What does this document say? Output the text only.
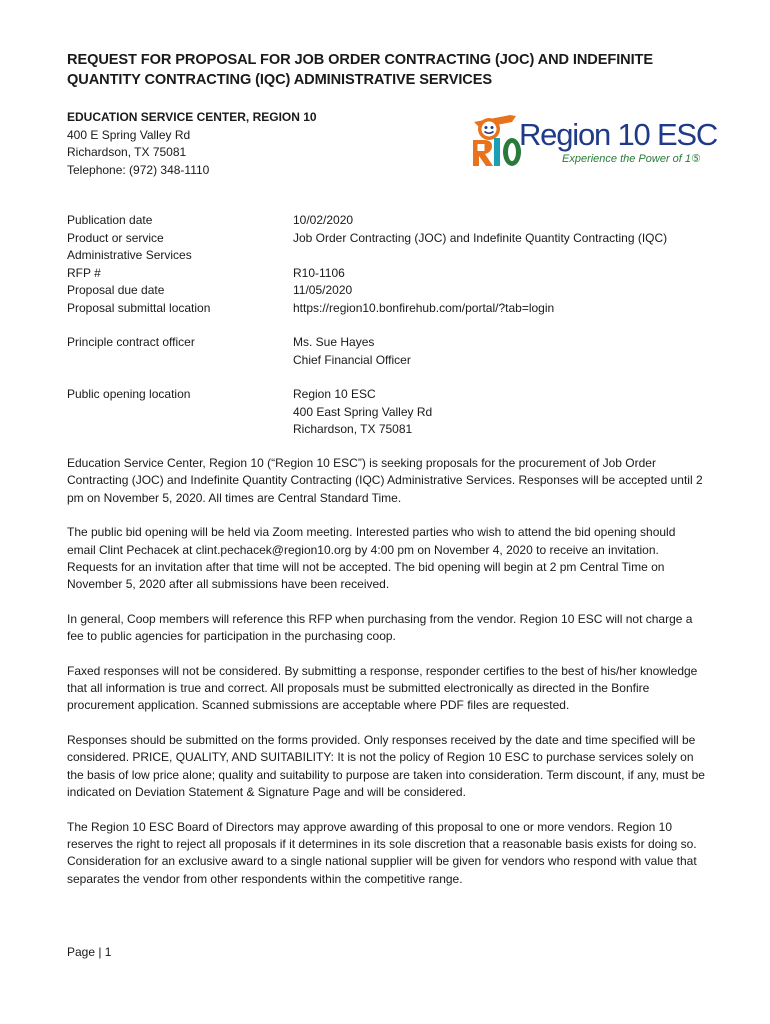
REQUEST FOR PROPOSAL FOR JOB ORDER CONTRACTING (JOC) AND INDEFINITE QUANTITY CONTRACTING (IQC) ADMINISTRATIVE SERVICES
EDUCATION SERVICE CENTER, REGION 10
400 E Spring Valley Rd
Richardson, TX 75081
Telephone: (972) 348-1110
Region 10 ESC
Experience the Power of 1⑤
Publication date	10/02/2020
Product or service	Job Order Contracting (JOC) and Indefinite Quantity Contracting (IQC)
Administrative Services
RFP #	R10-1106
Proposal due date	11/05/2020
Proposal submittal location	https://region10.bonfirehub.com/portal/?tab=login
Principle contract officer	Ms. Sue Hayes
Chief Financial Officer
Public opening location	Region 10 ESC
400 East Spring Valley Rd
Richardson, TX 75081

Education Service Center, Region 10 (“Region 10 ESC”) is seeking proposals for the procurement of Job Order Contracting (JOC) and Indefinite Quantity Contracting (IQC) Administrative Services. Responses will be accepted until 2 pm on November 5, 2020. All times are Central Standard Time.

The public bid opening will be held via Zoom meeting. Interested parties who wish to attend the bid opening should email Clint Pechacek at clint.pechacek@region10.org by 4:00 pm on November 4, 2020 to receive an invitation. Requests for an invitation after that time will not be accepted. The bid opening will begin at 2 pm Central Time on November 5, 2020 after all submissions have been received.

In general, Coop members will reference this RFP when purchasing from the vendor. Region 10 ESC will not charge a fee to public agencies for participation in the purchasing coop.

Faxed responses will not be considered. By submitting a response, responder certifies to the best of his/her knowledge that all information is true and correct. All proposals must be submitted electronically as directed in the Bonfire procurement application. Scanned submissions are acceptable where PDF files are requested.

Responses should be submitted on the forms provided. Only responses received by the date and time specified will be considered. PRICE, QUALITY, AND SUITABILITY: It is not the policy of Region 10 ESC to purchase services solely on the basis of low price alone; quality and suitability to purpose are taken into consideration. Term discount, if any, must be indicated on Deviation Statement & Signature Page and will be considered.

The Region 10 ESC Board of Directors may approve awarding of this proposal to one or more vendors. Region 10 reserves the right to reject all proposals if it determines in its sole discretion that a reasonable basis exists for doing so. Consideration for an exclusive award to a single national supplier will be given for vendors who respond with value that separates the vendor from other respondents within the competitive range.

Page | 1
